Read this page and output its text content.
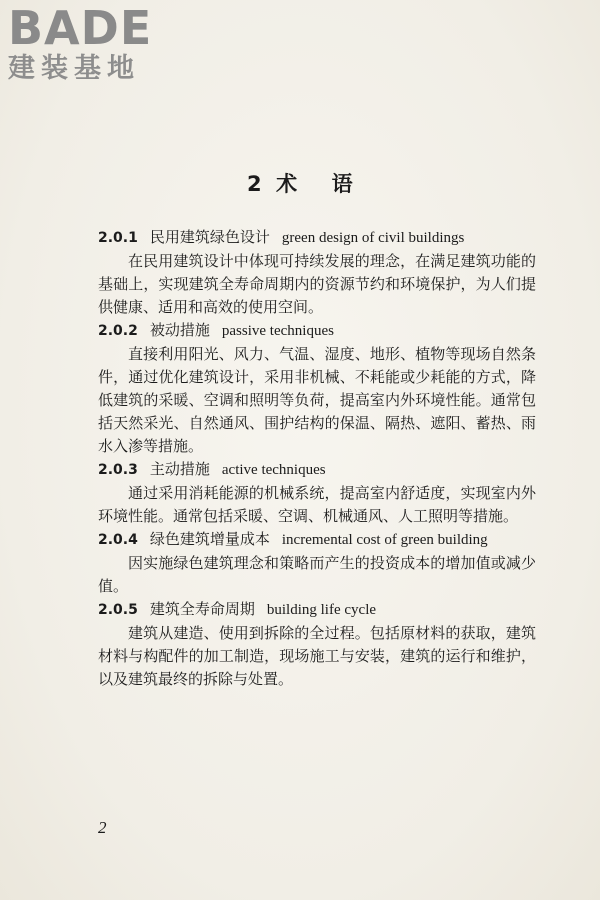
BADE
建装基地
2 术 语

2.0.1 民用建筑绿色设计 green design of civil buildings

在民用建筑设计中体现可持续发展的理念，在满足建筑功能的基础上，实现建筑全寿命周期内的资源节约和环境保护，为人们提供健康、适用和高效的使用空间。

2.0.2 被动措施 passive techniques

直接利用阳光、风力、气温、湿度、地形、植物等现场自然条件，通过优化建筑设计，采用非机械、不耗能或少耗能的方式，降低建筑的采暖、空调和照明等负荷，提高室内外环境性能。通常包括天然采光、自然通风、围护结构的保温、隔热、遮阳、蓄热、雨水入渗等措施。

2.0.3 主动措施 active techniques

通过采用消耗能源的机械系统，提高室内舒适度，实现室内外环境性能。通常包括采暖、空调、机械通风、人工照明等措施。

2.0.4 绿色建筑增量成本 incremental cost of green building

因实施绿色建筑理念和策略而产生的投资成本的增加值或减少值。

2.0.5 建筑全寿命周期 building life cycle

建筑从建造、使用到拆除的全过程。包括原材料的获取，建筑材料与构配件的加工制造，现场施工与安装，建筑的运行和维护，以及建筑最终的拆除与处置。

2
